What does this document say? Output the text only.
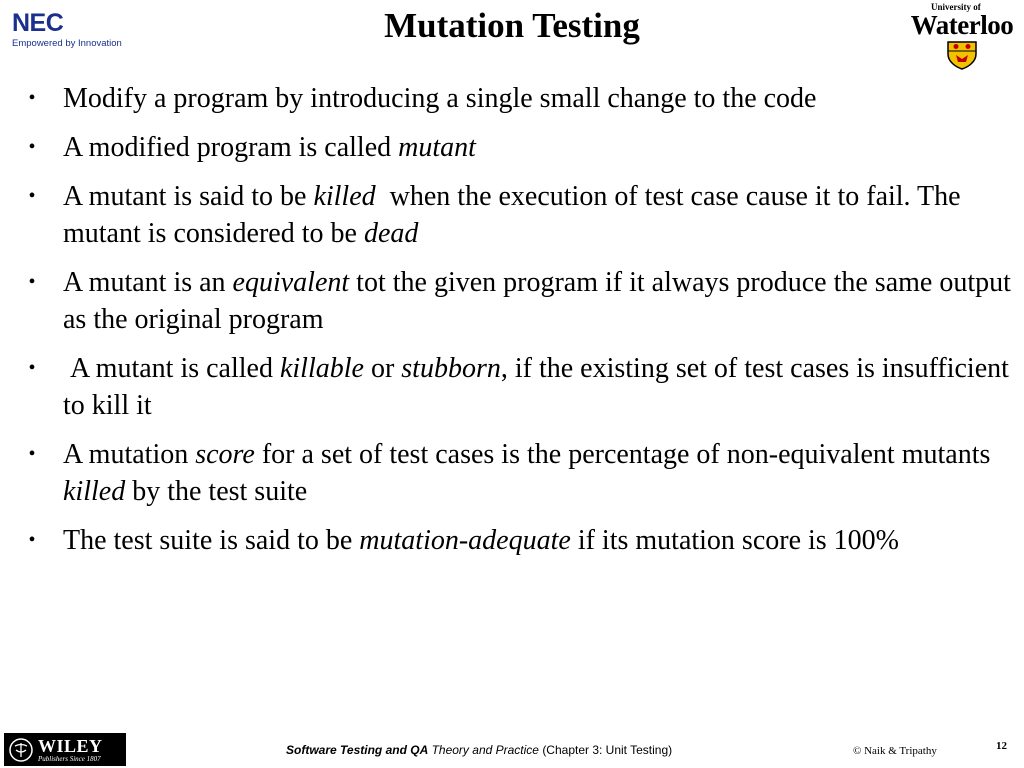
NEC
Empowered by Innovation	Mutation Testing	University of
Waterloo
• Modify a program by introducing a single small change to the code
• A modified program is called mutant
• A mutant is said to be killed  when the execution of test case cause it to fail. The mutant is considered to be dead
• A mutant is an equivalent tot the given program if it always produce the same output as the original program
• A mutant is called killable or stubborn, if the existing set of test cases is insufficient to kill it
• A mutation score for a set of test cases is the percentage of non-equivalent mutants killed by the test suite
• The test suite is said to be mutation-adequate if its mutation score is 100%
WILEY
Publishers Since 1807
Software Testing and QA Theory and Practice (Chapter 3: Unit Testing)	© Naik & Tripathy	12
